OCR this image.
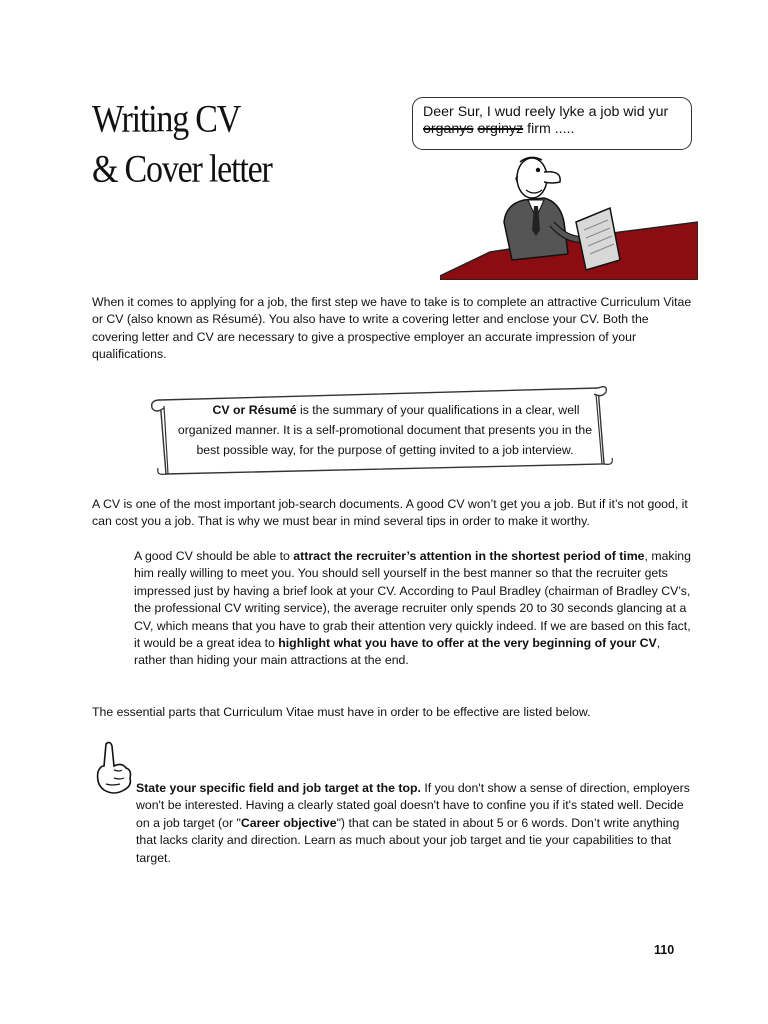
Writing CV
& Cover letter
Deer Sur, I wud reely lyke a job wid yur
organys orginyz firm .....
When it comes to applying for a job, the first step we have to take is to complete an attractive Curriculum Vitae or CV (also known as Résumé). You also have to write a covering letter and enclose your CV. Both the covering letter and CV are necessary to give a prospective employer an accurate impression of your qualifications.
CV or Résumé is the summary of your qualifications in a clear, well organized manner. It is a self-promotional document that presents you in the best possible way, for the purpose of getting invited to a job interview.
A CV is one of the most important job-search documents. A good CV won’t get you a job. But if it’s not good, it can cost you a job. That is why we must bear in mind several tips in order to make it worthy.
A good CV should be able to attract the recruiter’s attention in the shortest period of time, making him really willing to meet you. You should sell yourself in the best manner so that the recruiter gets impressed just by having a brief look at your CV. According to Paul Bradley (chairman of Bradley CV’s, the professional CV writing service), the average recruiter only spends 20 to 30 seconds glancing at a CV, which means that you have to grab their attention very quickly indeed. If we are based on this fact, it would be a great idea to highlight what you have to offer at the very beginning of your CV, rather than hiding your main attractions at the end.
The essential parts that Curriculum Vitae must have in order to be effective are listed below.
State your specific field and job target at the top. If you don't show a sense of direction, employers won't be interested. Having a clearly stated goal doesn't have to confine you if it's stated well. Decide on a job target (or "Career objective") that can be stated in about 5 or 6 words. Don’t write anything that lacks clarity and direction. Learn as much about your job target and tie your capabilities to that target.
110
